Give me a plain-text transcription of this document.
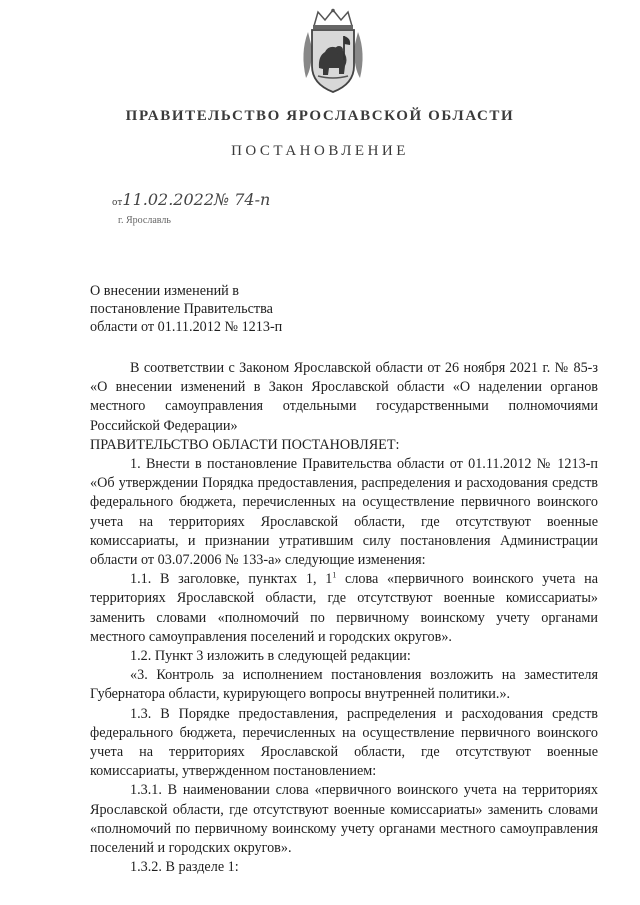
ПРАВИТЕЛЬСТВО ЯРОСЛАВСКОЙ ОБЛАСТИ
ПОСТАНОВЛЕНИЕ
от11.02.2022№ 74-п
г. Ярославль
О внесении изменений в
постановление Правительства
области от 01.11.2012 № 1213-п

В соответствии с Законом Ярославской области от 26 ноября 2021 г. № 85-з «О внесении изменений в Закон Ярославской области «О наделении органов местного самоуправления отдельными государственными полномочиями Российской Федерации»

ПРАВИТЕЛЬСТВО ОБЛАСТИ ПОСТАНОВЛЯЕТ:

1. Внести в постановление Правительства области от 01.11.2012 № 1213-п «Об утверждении Порядка предоставления, распределения и расходования средств федерального бюджета, перечисленных на осуществление первичного воинского учета на территориях Ярославской области, где отсутствуют военные комиссариаты, и признании утратившим силу постановления Администрации области от 03.07.2006 № 133-а» следующие изменения:

1.1. В заголовке, пунктах 1, $1^1$ слова «первичного воинского учета на территориях Ярославской области, где отсутствуют военные комиссариаты» заменить словами «полномочий по первичному воинскому учету органами местного самоуправления поселений и городских округов».

1.2. Пункт 3 изложить в следующей редакции:

«3. Контроль за исполнением постановления возложить на заместителя Губернатора области, курирующего вопросы внутренней политики.».

1.3. В Порядке предоставления, распределения и расходования средств федерального бюджета, перечисленных на осуществление первичного воинского учета на территориях Ярославской области, где отсутствуют военные комиссариаты, утвержденном постановлением:

1.3.1. В наименовании слова «первичного воинского учета на территориях Ярославской области, где отсутствуют военные комиссариаты» заменить словами «полномочий по первичному воинскому учету органами местного самоуправления поселений и городских округов».

1.3.2. В разделе 1:
